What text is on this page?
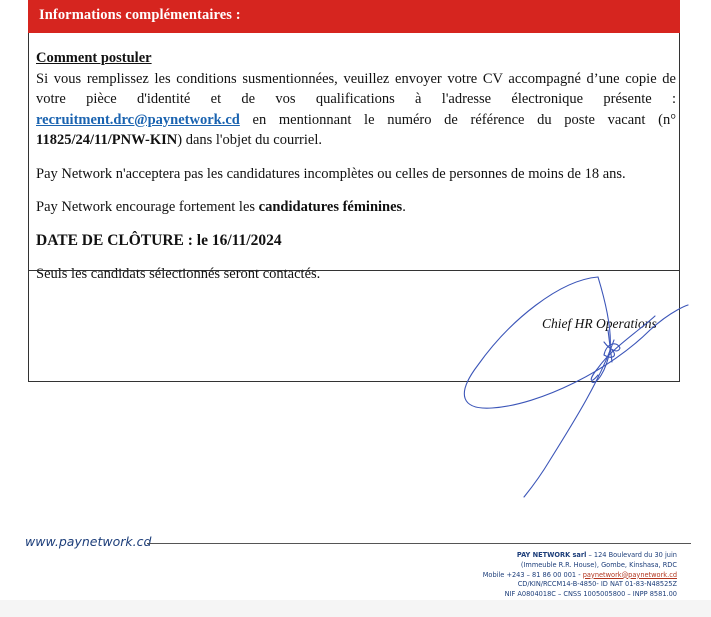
Informations complémentaires :

Comment postuler

Si vous remplissez les conditions susmentionnées, veuillez envoyer votre CV accompagné d’une copie de votre pièce d'identité et de vos qualifications à l'adresse électronique présente : recruitment.drc@paynetwork.cd en mentionnant le numéro de référence du poste vacant (n° 11825/24/11/PNW-KIN) dans l'objet du courriel.

Pay Network n'acceptera pas les candidatures incomplètes ou celles de personnes de moins de 18 ans.

Pay Network encourage fortement les candidatures féminines.

DATE DE CLÔTURE : le 16/11/2024

Seuls les candidats sélectionnés seront contactés.

Chief HR Operations
www.paynetwork.cd
PAY NETWORK sarl – 124 Boulevard du 30 juin
(Immeuble R.R. House), Gombe, Kinshasa, RDC
Mobile +243 – 81 86 00 001 - paynetwork@paynetwork.cd
CD/KIN/RCCM14-B-4850- ID NAT 01-83-N48525Z
NIF A0804018C – CNSS 1005005800 – INPP 8581.00
